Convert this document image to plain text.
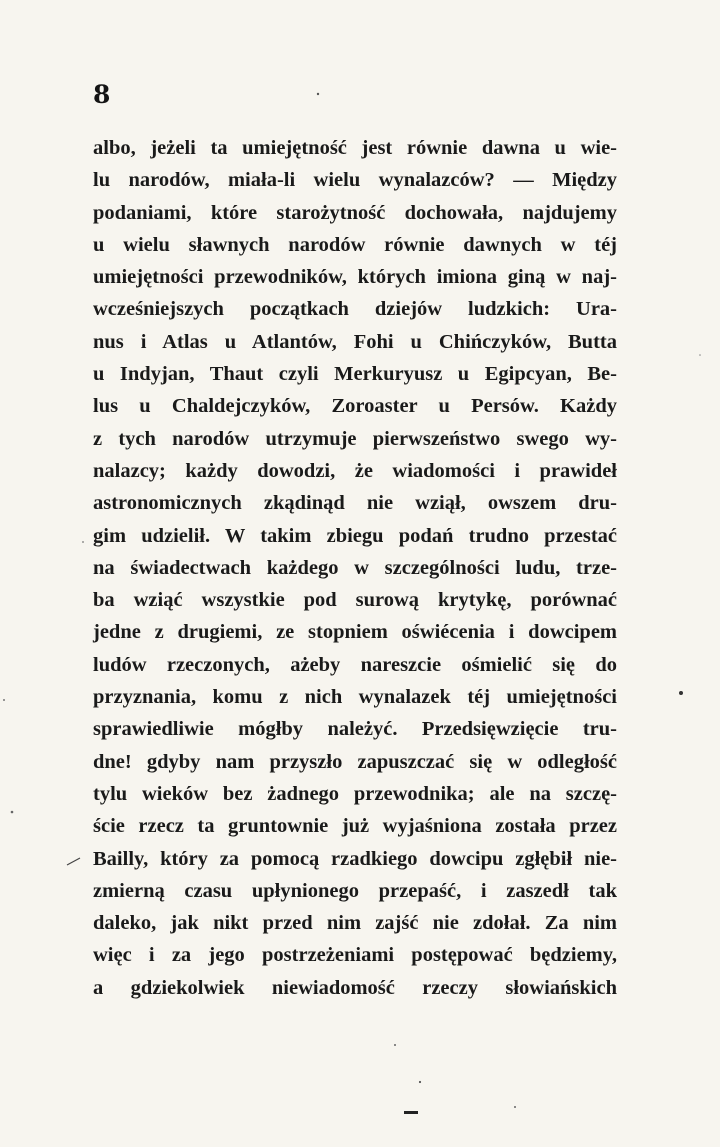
8
albo, jeżeli ta umiejętność jest równie dawna u wie-
lu narodów, miała-li wielu wynalazców? — Między
podaniami, które starożytność dochowała, najdujemy
u wielu sławnych narodów równie dawnych w téj
umiejętności przewodników, których imiona giną w naj-
wcześniejszych początkach dziejów ludzkich: Ura-
nus i Atlas u Atlantów, Fohi u Chińczyków, Butta
u Indyjan, Thaut czyli Merkuryusz u Egipcyan, Be-
lus u Chaldejczyków, Zoroaster u Persów. Każdy
z tych narodów utrzymuje pierwszeństwo swego wy-
nalazcy; każdy dowodzi, że wiadomości i prawideł
astronomicznych zkądinąd nie wziął, owszem dru-
gim udzielił. W takim zbiegu podań trudno przestać
na świadectwach każdego w szczególności ludu, trze-
ba wziąć wszystkie pod surową krytykę, porównać
jedne z drugiemi, ze stopniem oświécenia i dowcipem
ludów rzeczonych, ażeby nareszcie ośmielić się do
przyznania, komu z nich wynalazek téj umiejętności
sprawiedliwie mógłby należyć. Przedsięwzięcie tru-
dne! gdyby nam przyszło zapuszczać się w odległość
tylu wieków bez żadnego przewodnika; ale na szczę-
ście rzecz ta gruntownie już wyjaśniona została przez
Bailly, który za pomocą rzadkiego dowcipu zgłębił nie-
zmierną czasu upłynionego przepaść, i zaszedł tak
daleko, jak nikt przed nim zajść nie zdołał. Za nim
więc i za jego postrzeżeniami postępować będziemy,
a gdziekolwiek niewiadomość rzeczy słowiańskich
